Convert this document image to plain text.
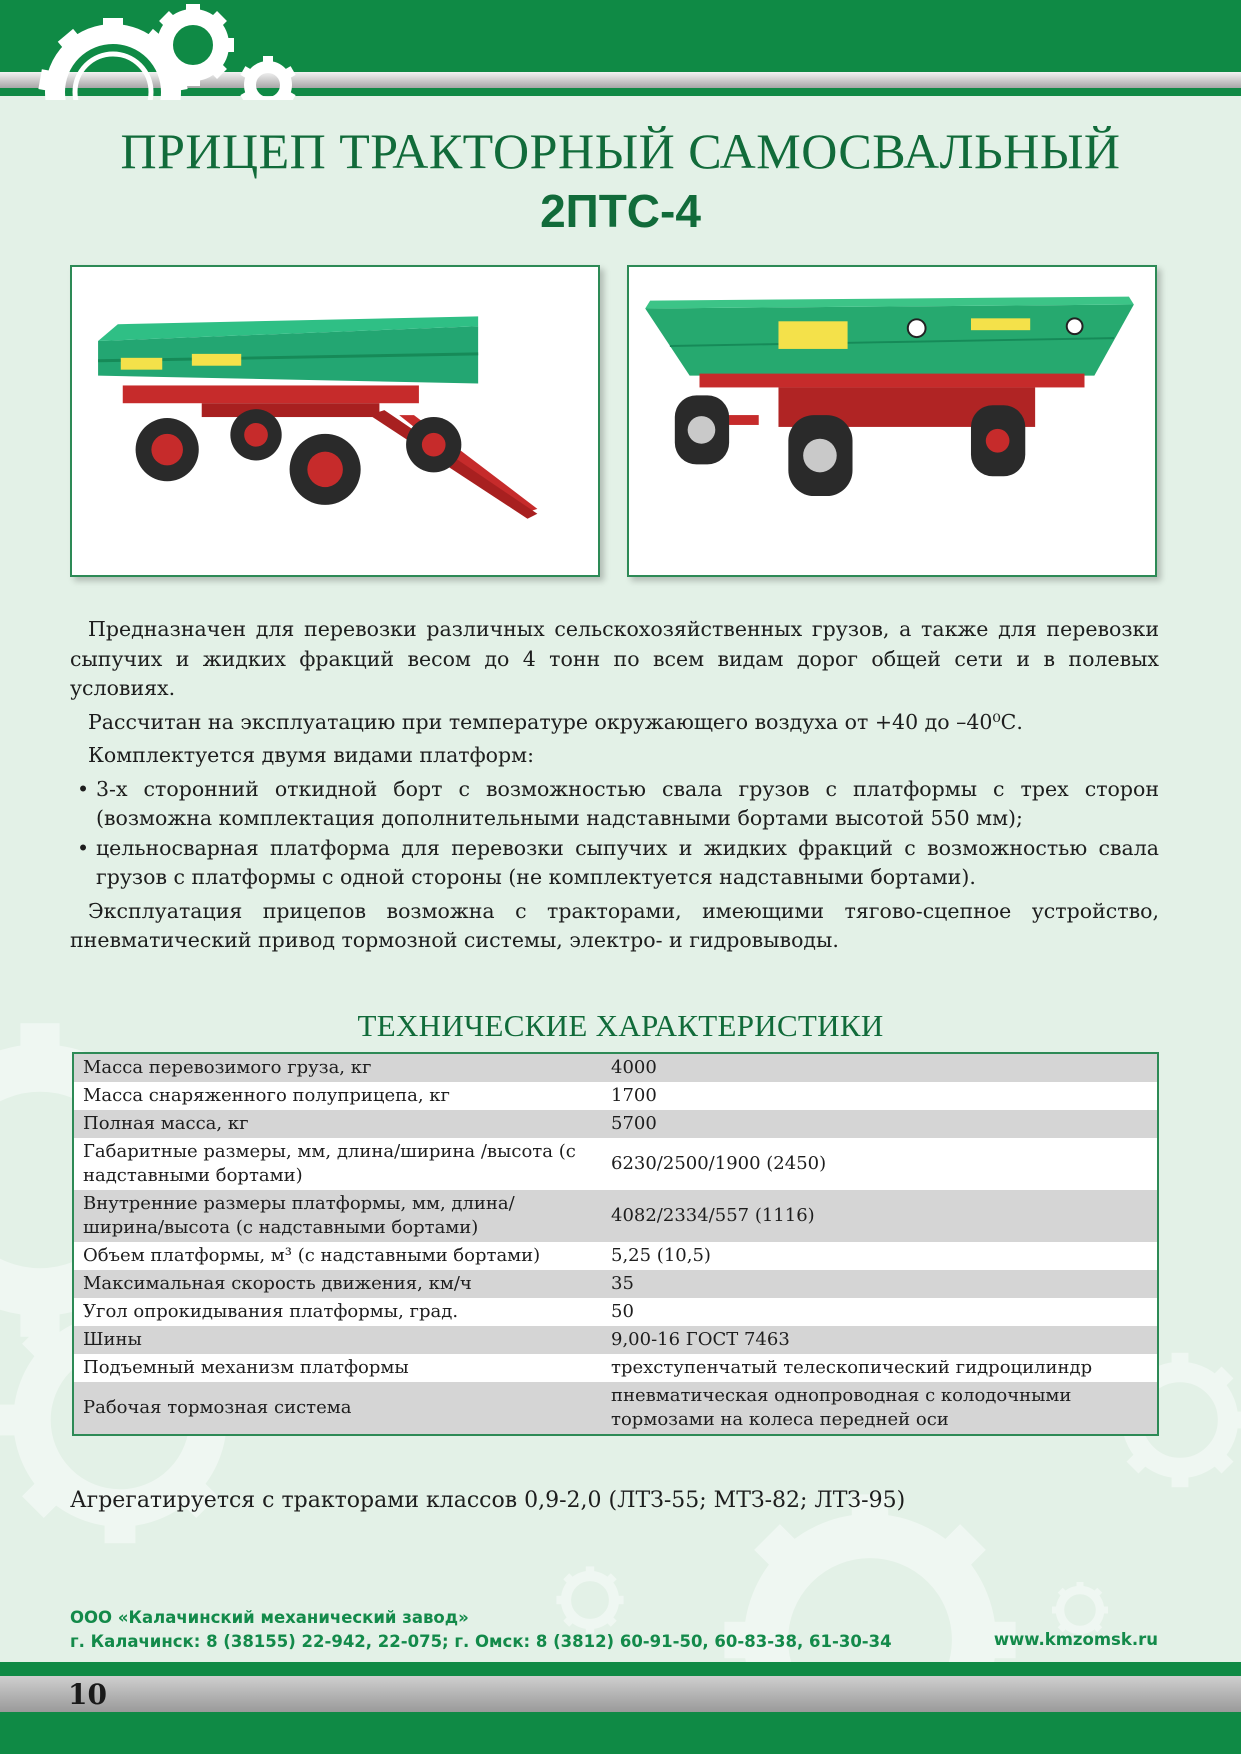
ПРИЦЕП ТРАКТОРНЫЙ САМОСВАЛЬНЫЙ
2ПТС-4

Предназначен для перевозки различных сельскохозяйственных грузов, а также для перевозки сыпучих и жидких фракций весом до 4 тонн по всем видам дорог общей сети и в полевых условиях.

Рассчитан на эксплуатацию при температуре окружающего воздуха от +40 до –40⁰С.

Комплектуется двумя видами платформ:

• 3-х сторонний откидной борт с возможностью свала грузов с платформы с трех сторон (возможна комплектация дополнительными надставными бортами высотой 550 мм);
• цельносварная платформа для перевозки сыпучих и жидких фракций с возможностью свала грузов с платформы с одной стороны (не комплектуется надставными бортами).

Эксплуатация прицепов возможна с тракторами, имеющими тягово-сцепное устройство, пневматический привод тормозной системы, электро- и гидровыводы.

ТЕХНИЧЕСКИЕ ХАРАКТЕРИСТИКИ
Масса перевозимого груза, кг	4000
Масса снаряженного полуприцепа, кг	1700
Полная масса, кг	5700
Габаритные размеры, мм, длина/ширина /высота (с надставными бортами)	6230/2500/1900 (2450)
Внутренние размеры платформы, мм, длина/ширина/высота (с надставными бортами)	4082/2334/557 (1116)
Объем платформы, м³ (с надставными бортами)	5,25 (10,5)
Максимальная скорость движения, км/ч	35
Угол опрокидывания платформы, град.	50
Шины	9,00-16 ГОСТ 7463
Подъемный механизм платформы	трехступенчатый телескопический гидроцилиндр
Рабочая тормозная система	пневматическая однопроводная с колодочными тормозами на колеса передней оси
Агрегатируется с тракторами классов 0,9-2,0 (ЛТЗ-55; МТЗ-82; ЛТЗ-95)
ООО «Калачинский механический завод»
г. Калачинск: 8 (38155) 22-942, 22-075; г. Омск: 8 (3812) 60-91-50, 60-83-38, 61-30-34	www.kmzomsk.ru
10
